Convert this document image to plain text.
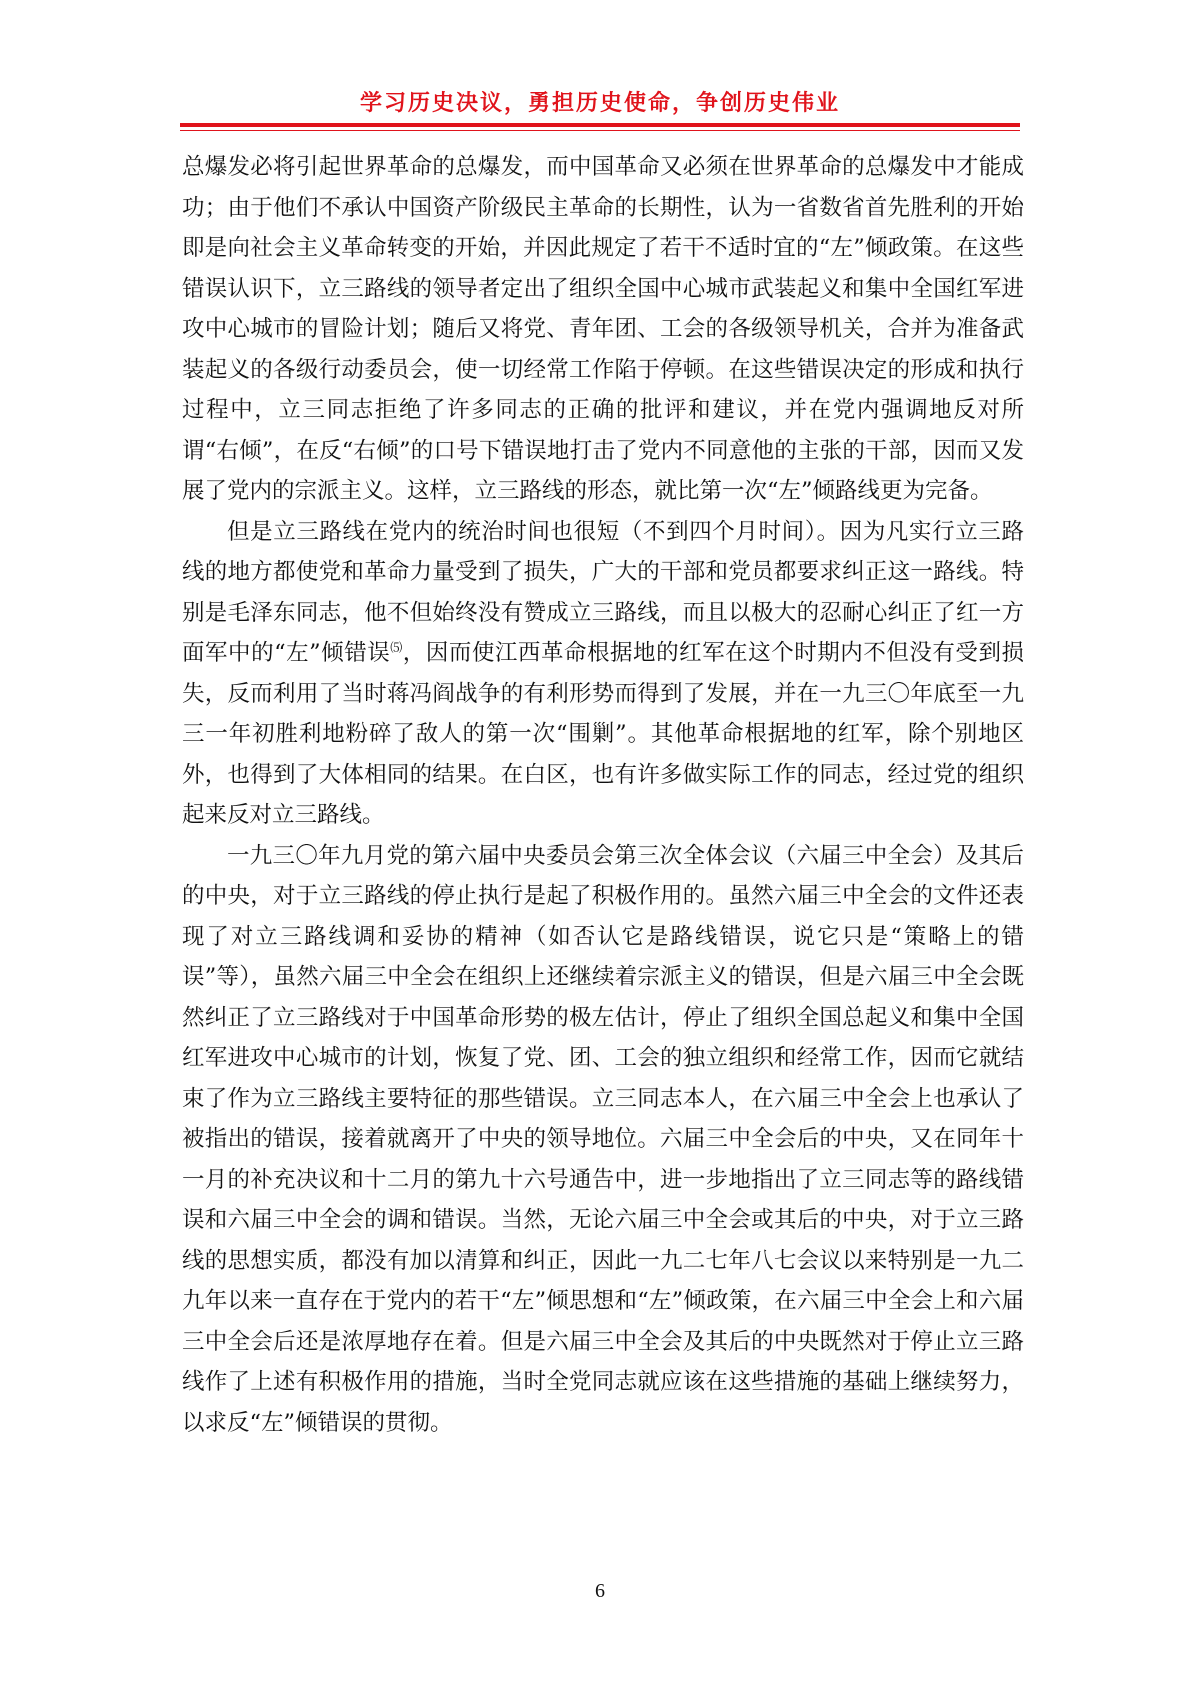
学习历史决议，勇担历史使命，争创历史伟业

总爆发必将引起世界革命的总爆发，而中国革命又必须在世界革命的总爆发中才能成功；由于他们不承认中国资产阶级民主革命的长期性，认为一省数省首先胜利的开始即是向社会主义革命转变的开始，并因此规定了若干不适时宜的“左”倾政策。在这些错误认识下，立三路线的领导者定出了组织全国中心城市武装起义和集中全国红军进攻中心城市的冒险计划；随后又将党、青年团、工会的各级领导机关，合并为准备武装起义的各级行动委员会，使一切经常工作陷于停顿。在这些错误决定的形成和执行过程中，立三同志拒绝了许多同志的正确的批评和建议，并在党内强调地反对所谓“右倾”，在反“右倾”的口号下错误地打击了党内不同意他的主张的干部，因而又发展了党内的宗派主义。这样，立三路线的形态，就比第一次“左”倾路线更为完备。

但是立三路线在党内的统治时间也很短（不到四个月时间）。因为凡实行立三路线的地方都使党和革命力量受到了损失，广大的干部和党员都要求纠正这一路线。特别是毛泽东同志，他不但始终没有赞成立三路线，而且以极大的忍耐心纠正了红一方面军中的“左”倾错误⑸，因而使江西革命根据地的红军在这个时期内不但没有受到损失，反而利用了当时蒋冯阎战争的有利形势而得到了发展，并在一九三〇年底至一九三一年初胜利地粉碎了敌人的第一次“围剿”。其他革命根据地的红军，除个别地区外，也得到了大体相同的结果。在白区，也有许多做实际工作的同志，经过党的组织起来反对立三路线。

一九三〇年九月党的第六届中央委员会第三次全体会议（六届三中全会）及其后的中央，对于立三路线的停止执行是起了积极作用的。虽然六届三中全会的文件还表现了对立三路线调和妥协的精神（如否认它是路线错误，说它只是“策略上的错误”等），虽然六届三中全会在组织上还继续着宗派主义的错误，但是六届三中全会既然纠正了立三路线对于中国革命形势的极左估计，停止了组织全国总起义和集中全国红军进攻中心城市的计划，恢复了党、团、工会的独立组织和经常工作，因而它就结束了作为立三路线主要特征的那些错误。立三同志本人，在六届三中全会上也承认了被指出的错误，接着就离开了中央的领导地位。六届三中全会后的中央，又在同年十一月的补充决议和十二月的第九十六号通告中，进一步地指出了立三同志等的路线错误和六届三中全会的调和错误。当然，无论六届三中全会或其后的中央，对于立三路线的思想实质，都没有加以清算和纠正，因此一九二七年八七会议以来特别是一九二九年以来一直存在于党内的若干“左”倾思想和“左”倾政策，在六届三中全会上和六届三中全会后还是浓厚地存在着。但是六届三中全会及其后的中央既然对于停止立三路线作了上述有积极作用的措施，当时全党同志就应该在这些措施的基础上继续努力，以求反“左”倾错误的贯彻。

6
